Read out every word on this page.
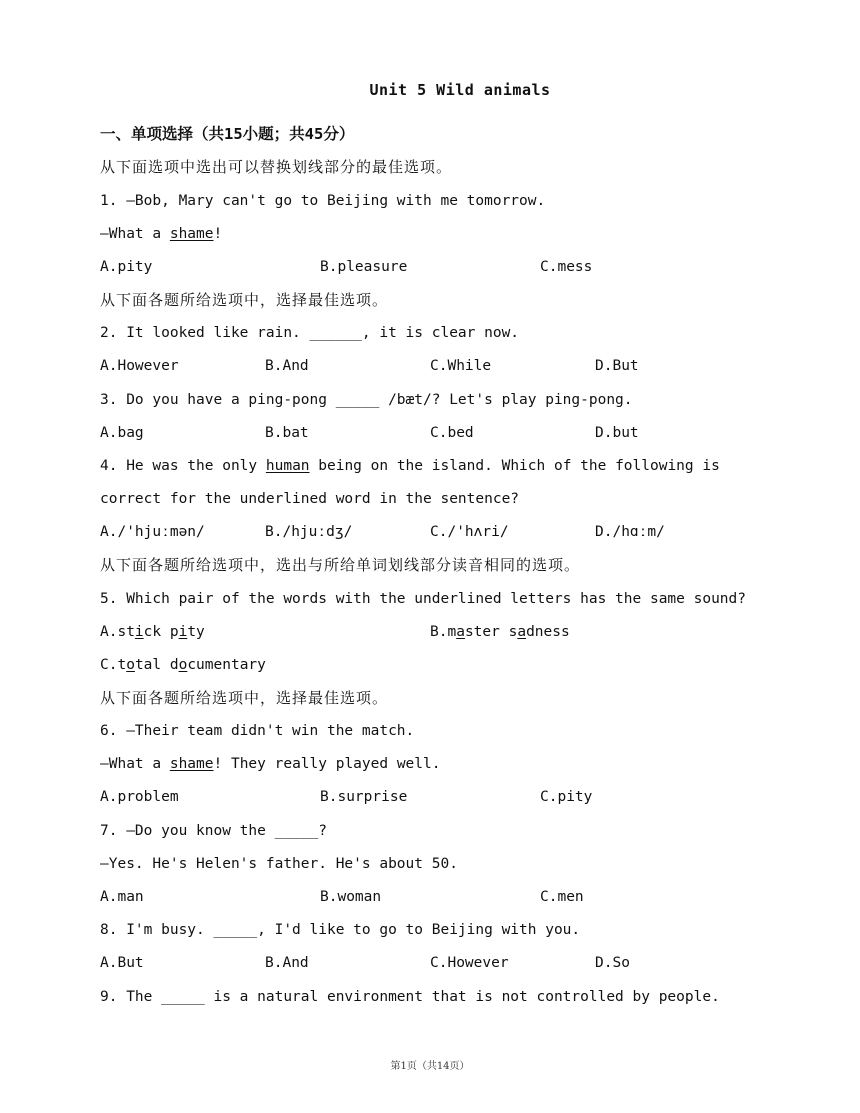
Unit 5 Wild animals
一、单项选择（共15小题；共45分）
从下面选项中选出可以替换划线部分的最佳选项。
1. —Bob, Mary can't go to Beijing with me tomorrow.
—What a shame!
A.pity	B.pleasure	C.mess
从下面各题所给选项中，选择最佳选项。
2. It looked like rain. ______, it is clear now.
A.However	B.And	C.While	D.But
3. Do you have a ping-pong _____ /bæt/? Let's play ping-pong.
A.bag	B.bat	C.bed	D.but
4. He was the only human being on the island. Which of the following is
correct for the underlined word in the sentence?
A./'hjuːmən/	B./hjuːdʒ/	C./'hʌri/	D./hɑːm/
从下面各题所给选项中，选出与所给单词划线部分读音相同的选项。
5. Which pair of the words with the underlined letters has the same sound?
A.stick pity	B.master sadness
C.total documentary
从下面各题所给选项中，选择最佳选项。
6. —Their team didn't win the match.
—What a shame! They really played well.
A.problem	B.surprise	C.pity
7. —Do you know the _____?
—Yes. He's Helen's father. He's about 50.
A.man	B.woman	C.men
8. I'm busy. _____, I'd like to go to Beijing with you.
A.But	B.And	C.However	D.So
9. The _____ is a natural environment that is not controlled by people.
第1页（共14页）
